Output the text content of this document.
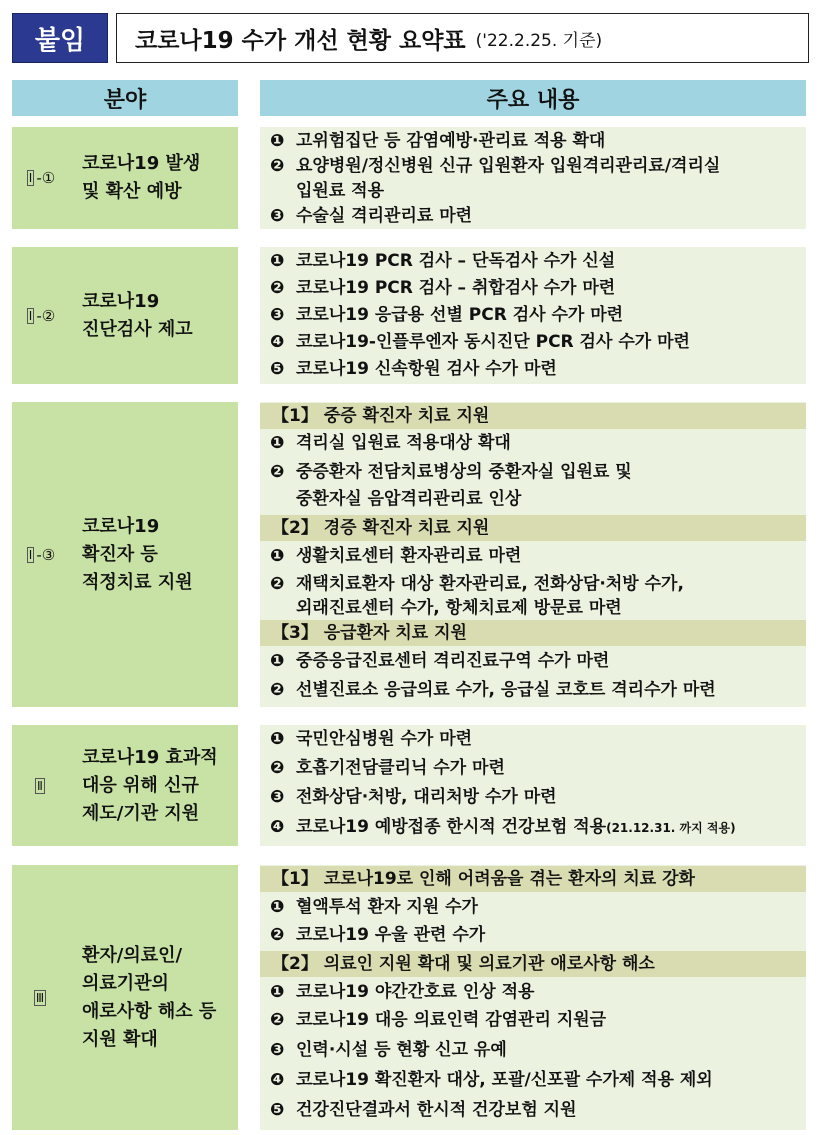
붙임	코로나19 수가 개선 현황 요약표 ('22.2.25. 기준)
분야	주요 내용
Ⅰ -①
코로나19 발생
및 확산 예방
❶ 고위험집단 등 감염예방·관리료 적용 확대
❷ 요양병원/정신병원 신규 입원환자 입원격리관리료/격리실
입원료 적용
❸ 수술실 격리관리료 마련
Ⅰ -②
코로나19
진단검사 제고
❶ 코로나19 PCR 검사 – 단독검사 수가 신설
❷ 코로나19 PCR 검사 – 취합검사 수가 마련
❸ 코로나19 응급용 선별 PCR 검사 수가 마련
❹ 코로나19-인플루엔자 동시진단 PCR 검사 수가 마련
❺ 코로나19 신속항원 검사 수가 마련
Ⅰ -③
코로나19
확진자 등
적정치료 지원
【1】 중증 확진자 치료 지원
❶ 격리실 입원료 적용대상 확대
❷ 중증환자 전담치료병상의 중환자실 입원료 및
중환자실 음압격리관리료 인상
【2】 경증 확진자 치료 지원
❶ 생활치료센터 환자관리료 마련
❷ 재택치료환자 대상 환자관리료, 전화상담·처방 수가,
외래진료센터 수가, 항체치료제 방문료 마련
【3】 응급환자 치료 지원
❶ 중증응급진료센터 격리진료구역 수가 마련
❷ 선별진료소 응급의료 수가, 응급실 코호트 격리수가 마련
Ⅱ
코로나19 효과적
대응 위해 신규
제도/기관 지원
❶ 국민안심병원 수가 마련
❷ 호흡기전담클리닉 수가 마련
❸ 전화상담·처방, 대리처방 수가 마련
❹ 코로나19 예방접종 한시적 건강보험 적용(21.12.31. 까지 적용)
Ⅲ
환자/의료인/
의료기관의
애로사항 해소 등
지원 확대
【1】 코로나19로 인해 어려움을 겪는 환자의 치료 강화
❶ 혈액투석 환자 지원 수가
❷ 코로나19 우울 관련 수가
【2】 의료인 지원 확대 및 의료기관 애로사항 해소
❶ 코로나19 야간간호료 인상 적용
❷ 코로나19 대응 의료인력 감염관리 지원금
❸ 인력·시설 등 현황 신고 유예
❹ 코로나19 확진환자 대상, 포괄/신포괄 수가제 적용 제외
❺ 건강진단결과서 한시적 건강보험 지원
